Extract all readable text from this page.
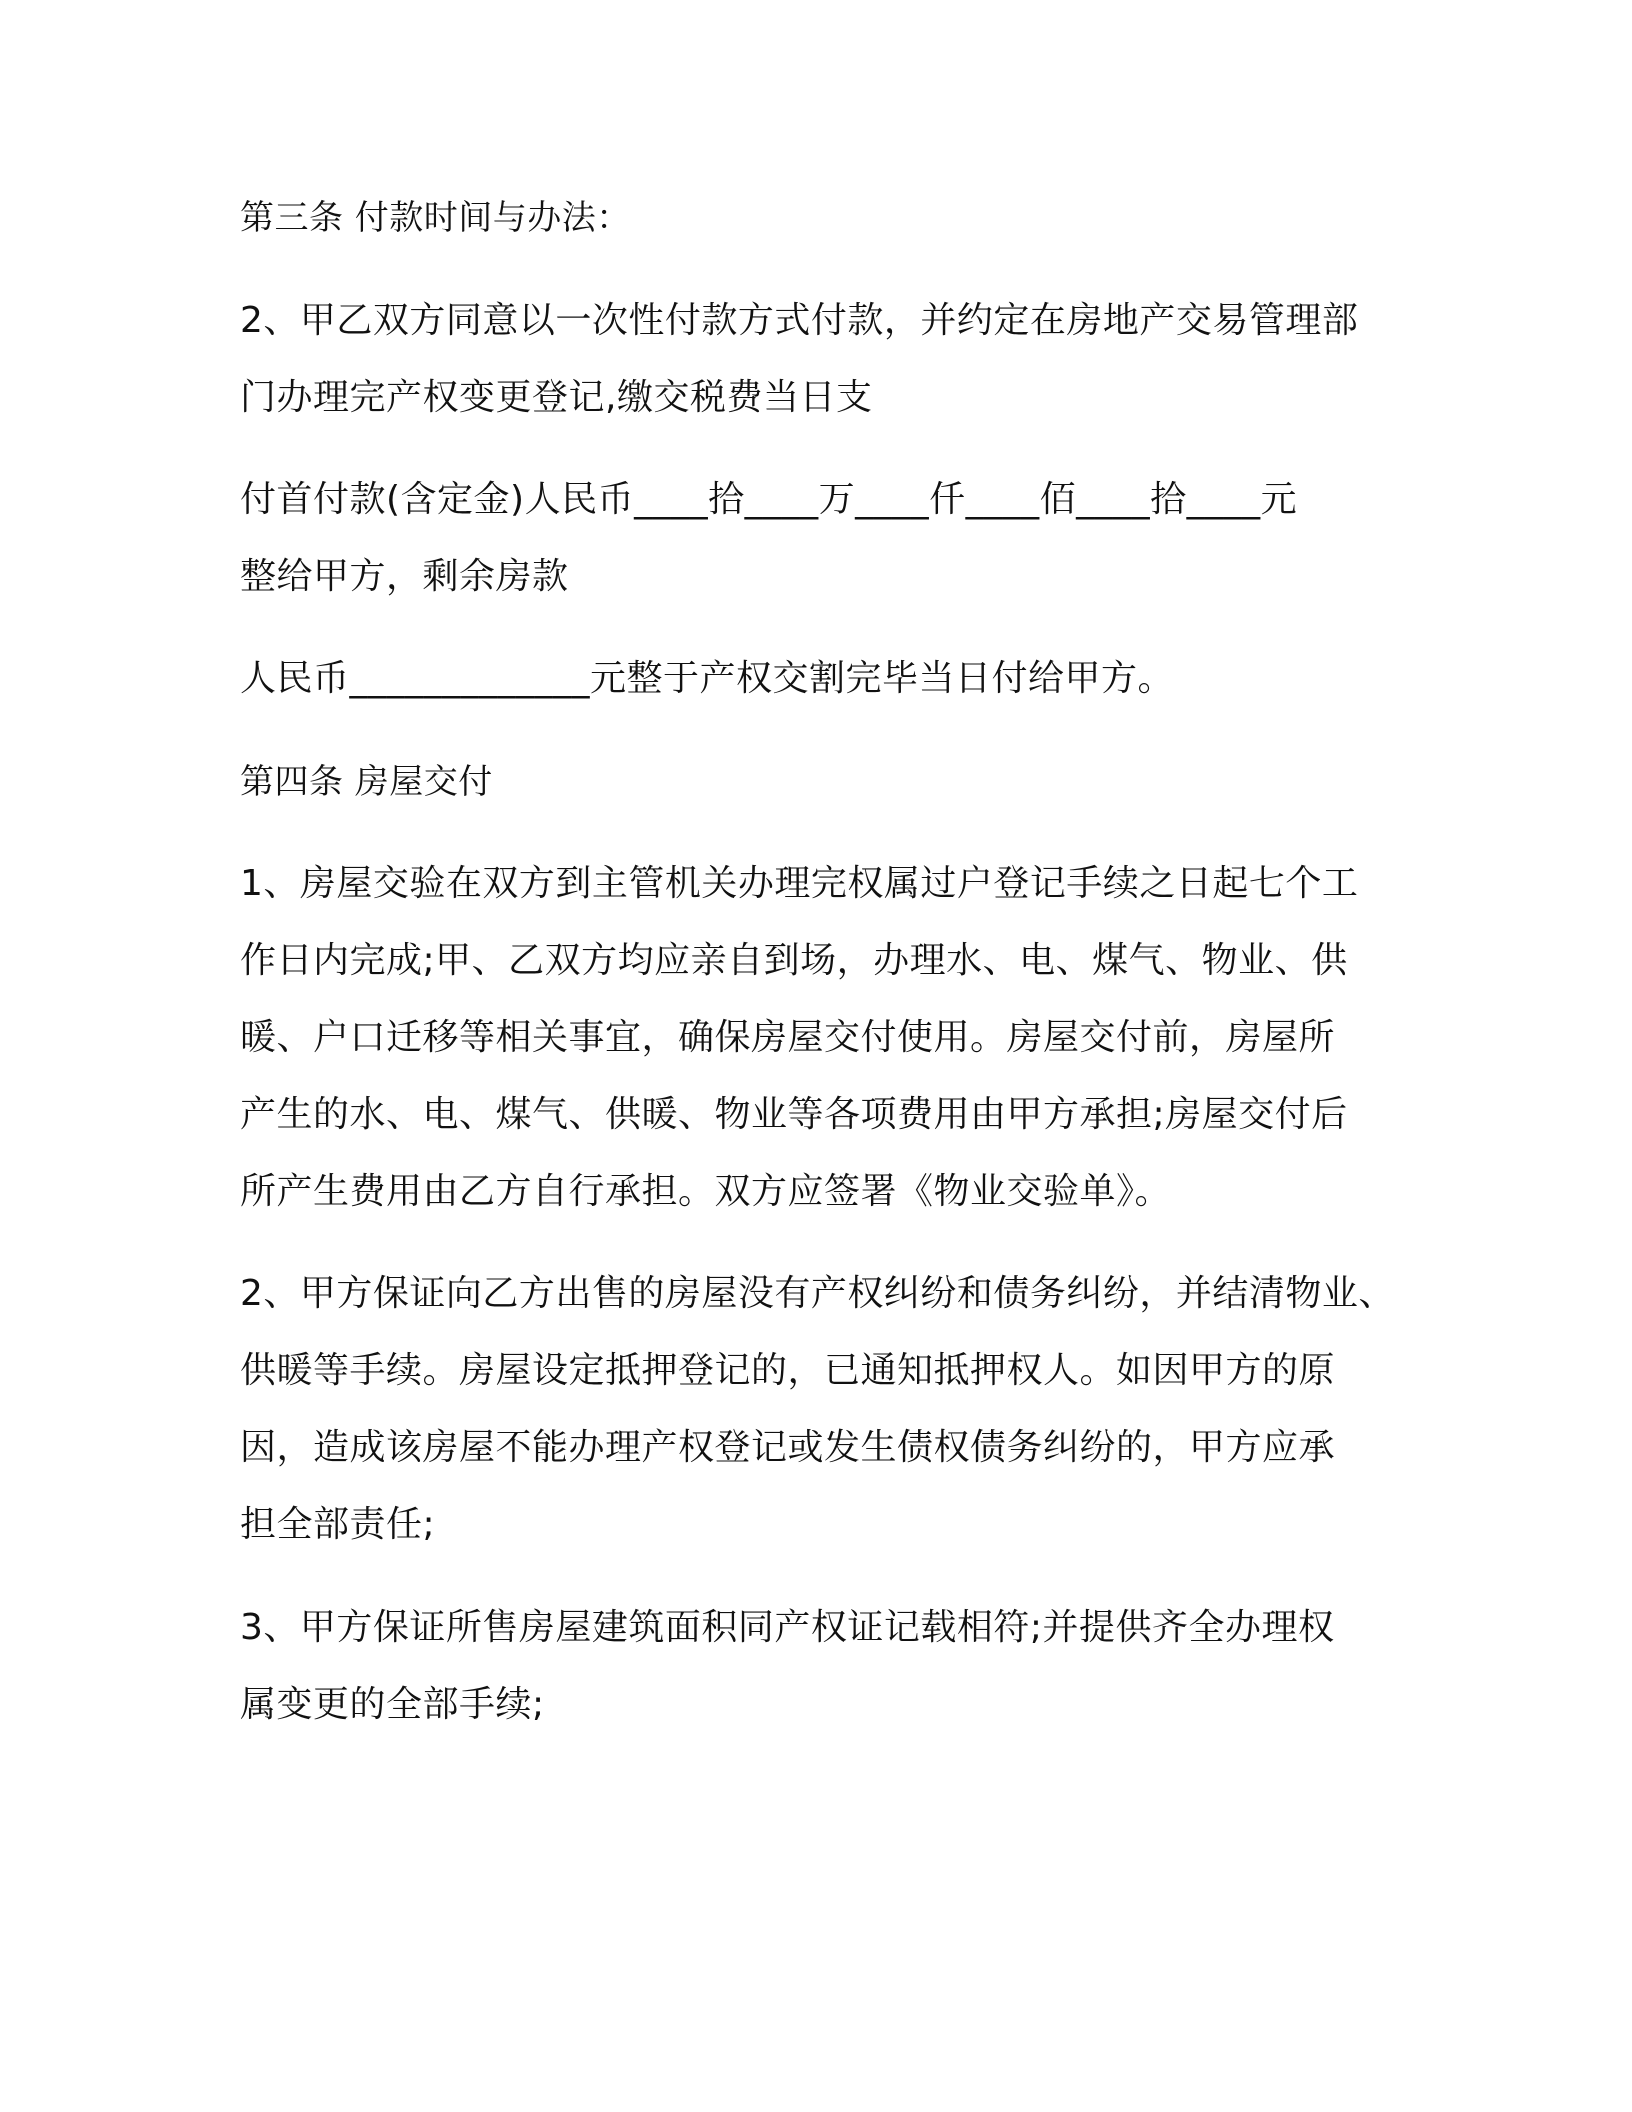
第三条 付款时间与办法：
2、甲乙双方同意以一次性付款方式付款，并约定在房地产交易管理部
门办理完产权变更登记,缴交税费当日支
付首付款(含定金)人民币____拾____万____仟____佰____拾____元
整给甲方，剩余房款
人民币_____________元整于产权交割完毕当日付给甲方。
第四条 房屋交付
1、房屋交验在双方到主管机关办理完权属过户登记手续之日起七个工
作日内完成;甲、乙双方均应亲自到场，办理水、电、煤气、物业、供
暖、户口迁移等相关事宜，确保房屋交付使用。房屋交付前，房屋所
产生的水、电、煤气、供暖、物业等各项费用由甲方承担;房屋交付后
所产生费用由乙方自行承担。双方应签署《物业交验单》。
2、甲方保证向乙方出售的房屋没有产权纠纷和债务纠纷，并结清物业、
供暖等手续。房屋设定抵押登记的，已通知抵押权人。如因甲方的原
因，造成该房屋不能办理产权登记或发生债权债务纠纷的，甲方应承
担全部责任;
3、甲方保证所售房屋建筑面积同产权证记载相符;并提供齐全办理权
属变更的全部手续;
